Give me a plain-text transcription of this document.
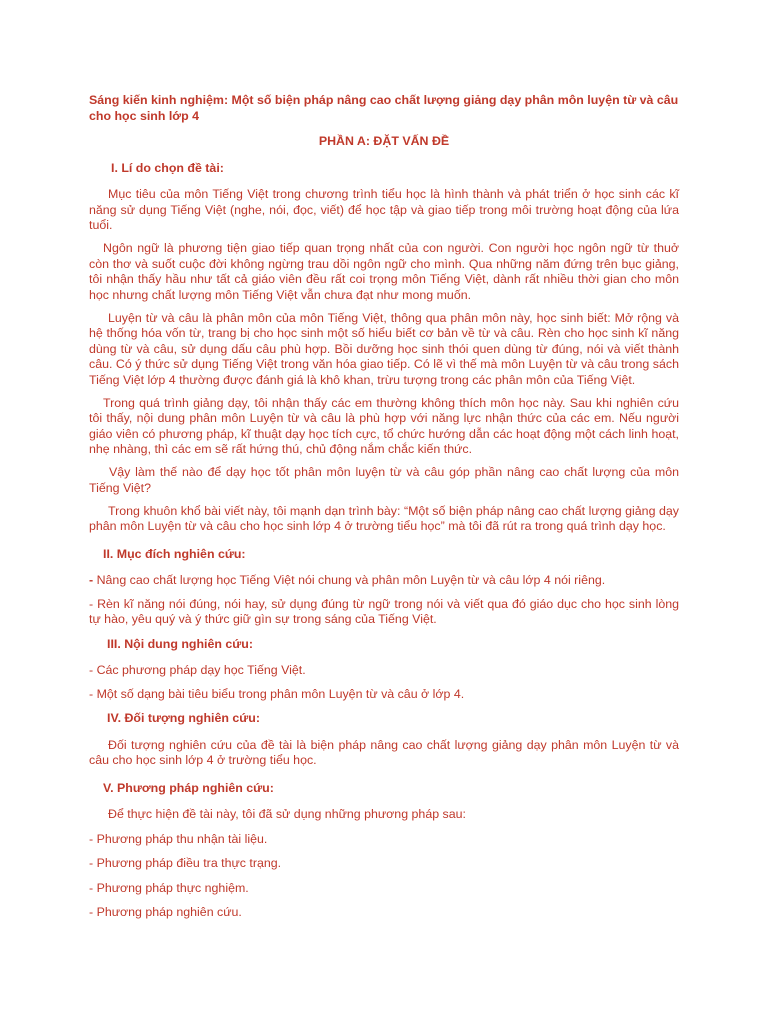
Sáng kiến kinh nghiệm: Một số biện pháp nâng cao chất lượng giảng dạy phân môn luyện từ và câu cho học sinh lớp 4
PHẦN A: ĐẶT VẤN ĐỀ
I. Lí do chọn đề tài:

Mục tiêu của môn Tiếng Việt trong chương trình tiểu học là hình thành và phát triển ở học sinh các kĩ năng sử dụng Tiếng Việt (nghe, nói, đọc, viết) để học tập và giao tiếp trong môi trường hoạt động của lứa tuổi.

Ngôn ngữ là phương tiện giao tiếp quan trọng nhất của con người. Con người học ngôn ngữ từ thuở còn thơ và suốt cuộc đời không ngừng trau dồi ngôn ngữ cho mình. Qua những năm đứng trên bục giảng, tôi nhận thấy hầu như tất cả giáo viên đều rất coi trọng môn Tiếng Việt, dành rất nhiều thời gian cho môn học nhưng chất lượng môn Tiếng Việt vẫn chưa đạt như mong muốn.

Luyện từ và câu là phân môn của môn Tiếng Việt, thông qua phân môn này, học sinh biết: Mở rộng và hệ thống hóa vốn từ, trang bị cho học sinh một số hiểu biết cơ bản về từ và câu. Rèn cho học sinh kĩ năng dùng từ và câu, sử dụng dấu câu phù hợp. Bồi dưỡng học sinh thói quen dùng từ đúng, nói và viết thành câu. Có ý thức sử dụng Tiếng Việt trong văn hóa giao tiếp. Có lẽ vì thế mà môn Luyện từ và câu trong sách Tiếng Việt lớp 4 thường được đánh giá là khô khan, trừu tượng trong các phân môn của Tiếng Việt.

Trong quá trình giảng dạy, tôi nhận thấy các em thường không thích môn học này. Sau khi nghiên cứu tôi thấy, nội dung phân môn Luyện từ và câu là phù hợp với năng lực nhận thức của các em. Nếu người giáo viên có phương pháp, kĩ thuật dạy học tích cực, tổ chức hướng dẫn các hoạt động một cách linh hoạt, nhẹ nhàng, thì các em sẽ rất hứng thú, chủ động nắm chắc kiến thức.

Vậy làm thế nào để dạy học tốt phân môn luyện từ và câu góp phần nâng cao chất lượng của môn Tiếng Việt?

Trong khuôn khổ bài viết này, tôi mạnh dạn trình bày: “Một số biện pháp nâng cao chất lượng giảng dạy phân môn Luyện từ và câu cho học sinh lớp 4 ở trường tiểu học” mà tôi đã rút ra trong quá trình dạy học.

II. Mục đích nghiên cứu:

- Nâng cao chất lượng học Tiếng Việt nói chung và phân môn Luyện từ và câu lớp 4 nói riêng.

- Rèn kĩ năng nói đúng, nói hay, sử dụng đúng từ ngữ trong nói và viết qua đó giáo dục cho học sinh lòng tự hào, yêu quý và ý thức giữ gìn sự trong sáng của Tiếng Việt.

III. Nội dung nghiên cứu:

- Các phương pháp dạy học Tiếng Việt.

- Một số dạng bài tiêu biểu trong phân môn Luyện từ và câu ở lớp 4.

IV. Đối tượng nghiên cứu:

Đối tượng nghiên cứu của đề tài là biện pháp nâng cao chất lượng giảng dạy phân môn Luyện từ và câu cho học sinh lớp 4 ở trường tiểu học.

V. Phương pháp nghiên cứu:

Để thực hiện đề tài này, tôi đã sử dụng những phương pháp sau:

- Phương pháp thu nhận tài liệu.

- Phương pháp điều tra thực trạng.

- Phương pháp thực nghiệm.

- Phương pháp nghiên cứu.
